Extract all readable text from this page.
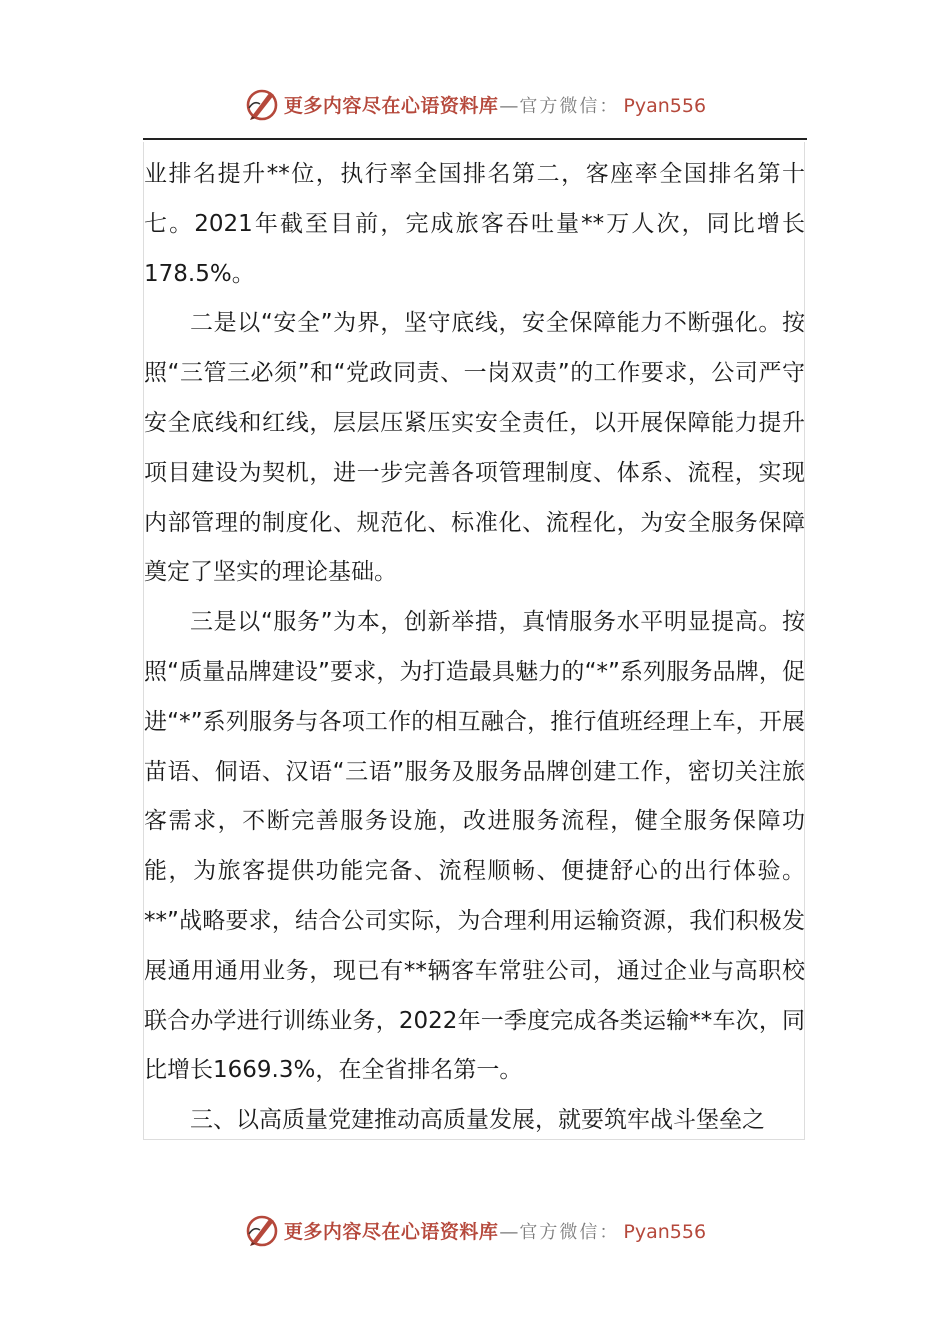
更多内容尽在心语资料库 — 官方微信： Pyan556

业排名提升**位，执行率全国排名第二，客座率全国排名第十七。2021年截至目前，完成旅客吞吐量**万人次，同比增长178.5%。

二是以“安全”为界，坚守底线，安全保障能力不断强化。按照“三管三必须”和“党政同责、一岗双责”的工作要求，公司严守安全底线和红线，层层压紧压实安全责任，以开展保障能力提升项目建设为契机，进一步完善各项管理制度、体系、流程，实现内部管理的制度化、规范化、标准化、流程化，为安全服务保障奠定了坚实的理论基础。

三是以“服务”为本，创新举措，真情服务水平明显提高。按照“质量品牌建设”要求，为打造最具魅力的“*”系列服务品牌，促进“*”系列服务与各项工作的相互融合，推行值班经理上车，开展苗语、侗语、汉语“三语”服务及服务品牌创建工作，密切关注旅客需求，不断完善服务设施，改进服务流程，健全服务保障功能，为旅客提供功能完备、流程顺畅、便捷舒心的出行体验。**”战略要求，结合公司实际，为合理利用运输资源，我们积极发展通用通用业务，现已有**辆客车常驻公司，通过企业与高职校联合办学进行训练业务，2022年一季度完成各类运输**车次，同比增长1669.3%，在全省排名第一。

三、以高质量党建推动高质量发展，就要筑牢战斗堡垒之

更多内容尽在心语资料库 — 官方微信： Pyan556
